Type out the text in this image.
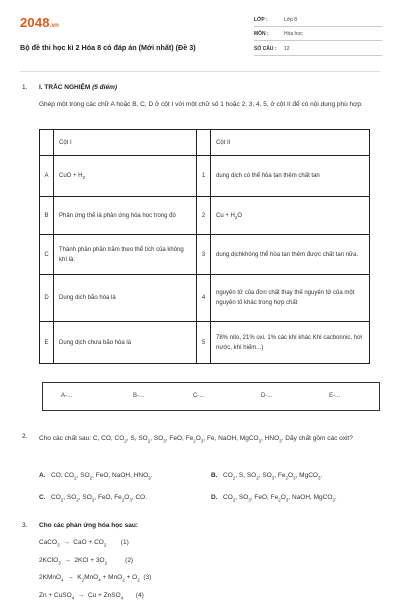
2048.vn
Bộ đề thi học kì 2 Hóa 8 có đáp án (Mới nhất) (Đề 3)
LỚP :	Lớp 8
MÔN :	Hóa học
SỐ CÂU : 12
1. I. TRẮC NGHIỆM (5 điểm)
Ghép một trong các chữ A hoặc B, C, D ở cột I với một chữ số 1 hoặc 2, 3, 4, 5, ở cột II để có nội dung phù hợp.
	Cột I		Cột II
A	CuO + $H_2$	1	dung dịch có thể hòa tan thêm chất tan
B	Phản ứng thế là phản ứng hóa học trong đó	2	$Cu + H_2O$
C	Thành phần phần trăm theo thể tích của không khí là:	3	dung dịchkhông thể hòa tan thêm được chất tan nữa.
D	Dung dịch bão hòa là	4	nguyên tử của đơn chất thay thế nguyên tử của một nguyên tố khác trong hợp chất
E	Dung dịch chưa bão hòa là	5	78% nito, 21% oxi, 1% các khí khác Khí cacbonnic, hơi nước, khí hiếm...)
A-...	B-...	C-...	D-...	E-...
2. Cho các chất sau: C, CO, $CO_2$, S, $SO_2$, $SO_3$, FeO, $Fe_2O_3$, Fe, NaOH, MgCO$_3$, $HNO_3$. Dãy chất gồm các oxit?
A. CO, $CO_2$, $SO_2$, FeO, NaOH, $HNO_3$.	B. $CO_2$, S, $SO_2$, $SO_3$, $Fe_2O_3$, MgCO$_3$.
C. $CO_2$, $SO_2$, $SO_3$, FeO, $Fe_2O_3$, CO.	D. $CO_2$, $SO_3$, FeO, $Fe_2O_3$, NaOH, MgCO$_3$.
3. Cho các phản ứng hóa học sau:
CaCO$_3$  →  CaO + $CO_2$        (1)
2KClO$_3$  →  $2KCl + 3O_2$          (2)
2KMnO$_4$  →  $K_2MnO_4 + MnO_2 + O_2$  (3)
Zn + CuSO$_4$  →  Cu + ZnSO$_4$       (4)
